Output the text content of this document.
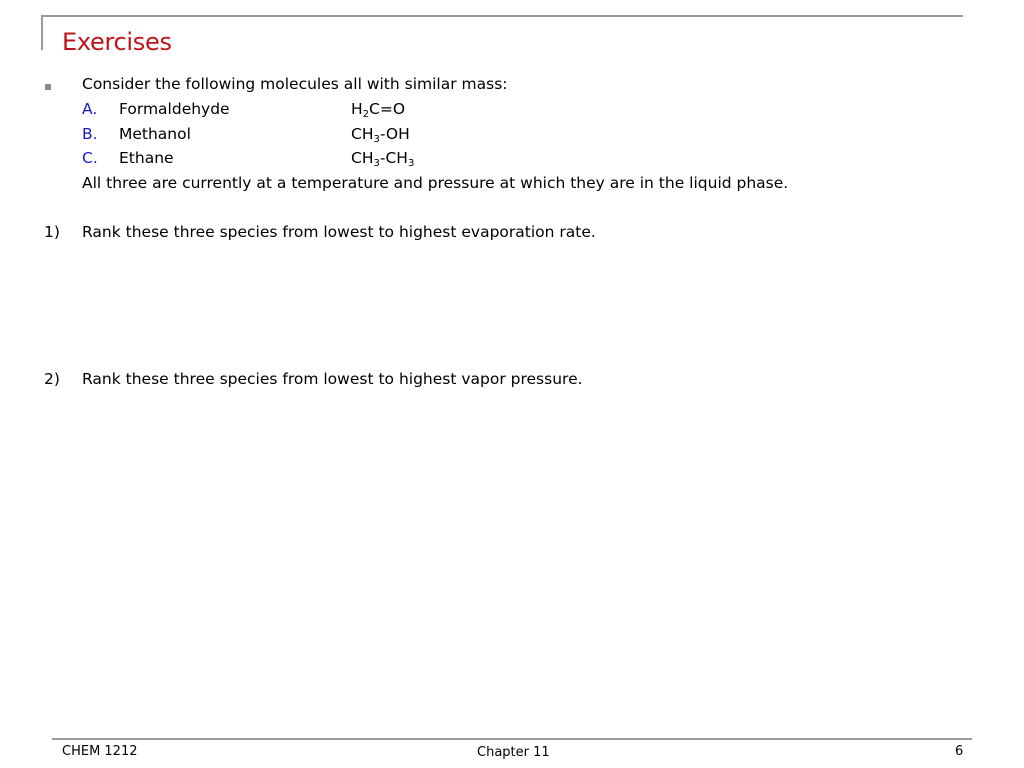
Exercises
Consider the following molecules all with similar mass:
A. Formaldehyde	$H_2C=O$
B. Methanol	$CH_3-OH$
C. Ethane	$CH_3-CH_3$
All three are currently at a temperature and pressure at which they are in the liquid phase.
1) Rank these three species from lowest to highest evaporation rate.
2) Rank these three species from lowest to highest vapor pressure.
CHEM 1212	Chapter 11	6
